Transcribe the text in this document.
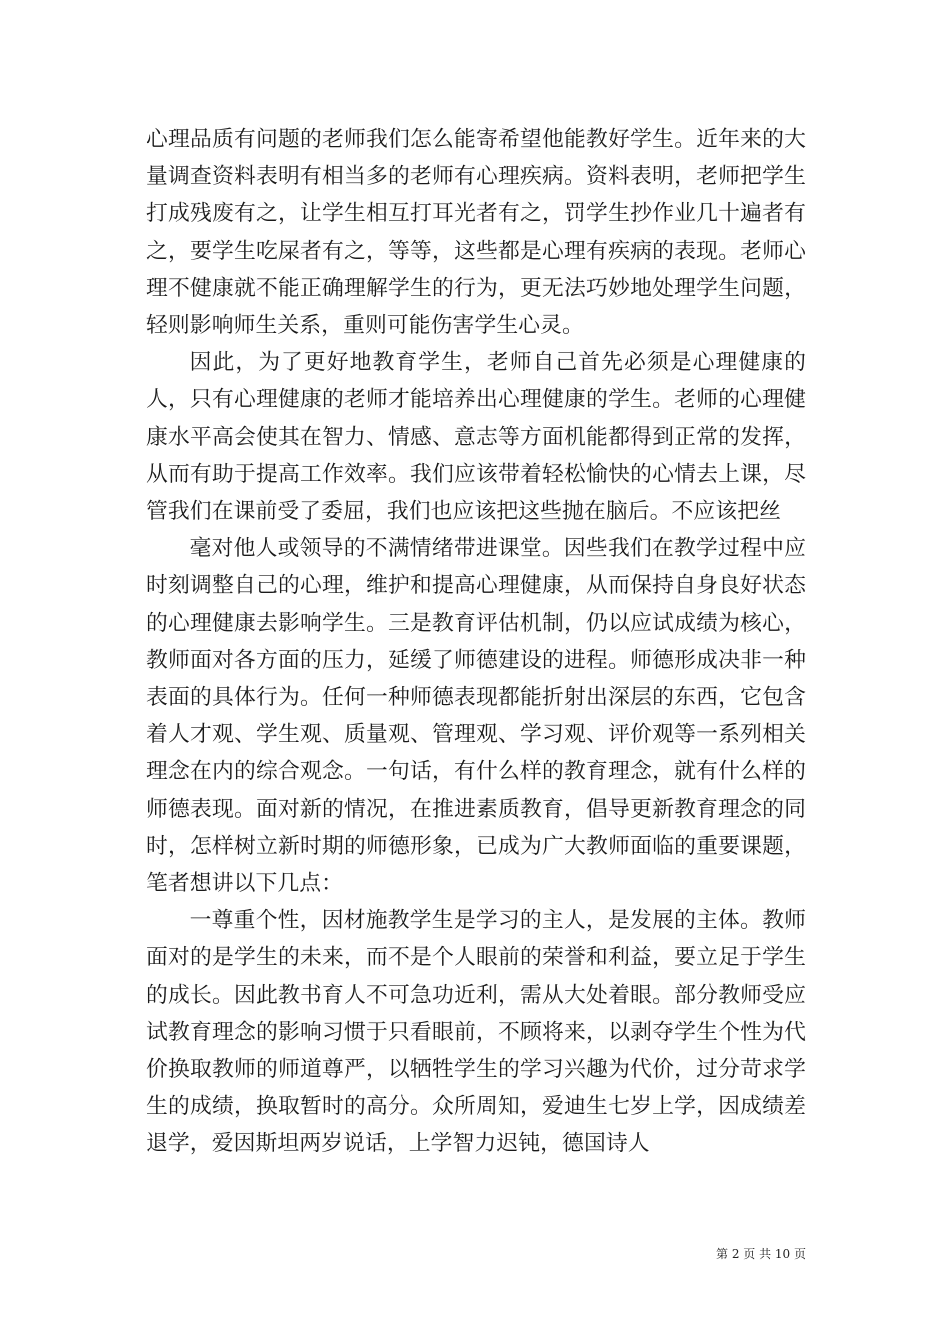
心理品质有问题的老师我们怎么能寄希望他能教好学生。近年来的大量调查资料表明有相当多的老师有心理疾病。资料表明，老师把学生打成残废有之，让学生相互打耳光者有之，罚学生抄作业几十遍者有之，要学生吃屎者有之，等等，这些都是心理有疾病的表现。老师心理不健康就不能正确理解学生的行为，更无法巧妙地处理学生问题，轻则影响师生关系，重则可能伤害学生心灵。

因此，为了更好地教育学生，老师自己首先必须是心理健康的人，只有心理健康的老师才能培养出心理健康的学生。老师的心理健康水平高会使其在智力、情感、意志等方面机能都得到正常的发挥，从而有助于提高工作效率。我们应该带着轻松愉快的心情去上课，尽管我们在课前受了委屈，我们也应该把这些抛在脑后。不应该把丝

毫对他人或领导的不满情绪带进课堂。因些我们在教学过程中应时刻调整自己的心理，维护和提高心理健康，从而保持自身良好状态的心理健康去影响学生。三是教育评估机制，仍以应试成绩为核心，教师面对各方面的压力，延缓了师德建设的进程。师德形成决非一种表面的具体行为。任何一种师德表现都能折射出深层的东西，它包含着人才观、学生观、质量观、管理观、学习观、评价观等一系列相关理念在内的综合观念。一句话，有什么样的教育理念，就有什么样的师德表现。面对新的情况，在推进素质教育，倡导更新教育理念的同时，怎样树立新时期的师德形象，已成为广大教师面临的重要课题，笔者想讲以下几点：

一尊重个性，因材施教学生是学习的主人，是发展的主体。教师面对的是学生的未来，而不是个人眼前的荣誉和利益，要立足于学生的成长。因此教书育人不可急功近利，需从大处着眼。部分教师受应试教育理念的影响习惯于只看眼前，不顾将来，以剥夺学生个性为代价换取教师的师道尊严，以牺牲学生的学习兴趣为代价，过分苛求学生的成绩，换取暂时的高分。众所周知，爱迪生七岁上学，因成绩差退学，爱因斯坦两岁说话，上学智力迟钝，德国诗人

第 2 页 共 10 页
